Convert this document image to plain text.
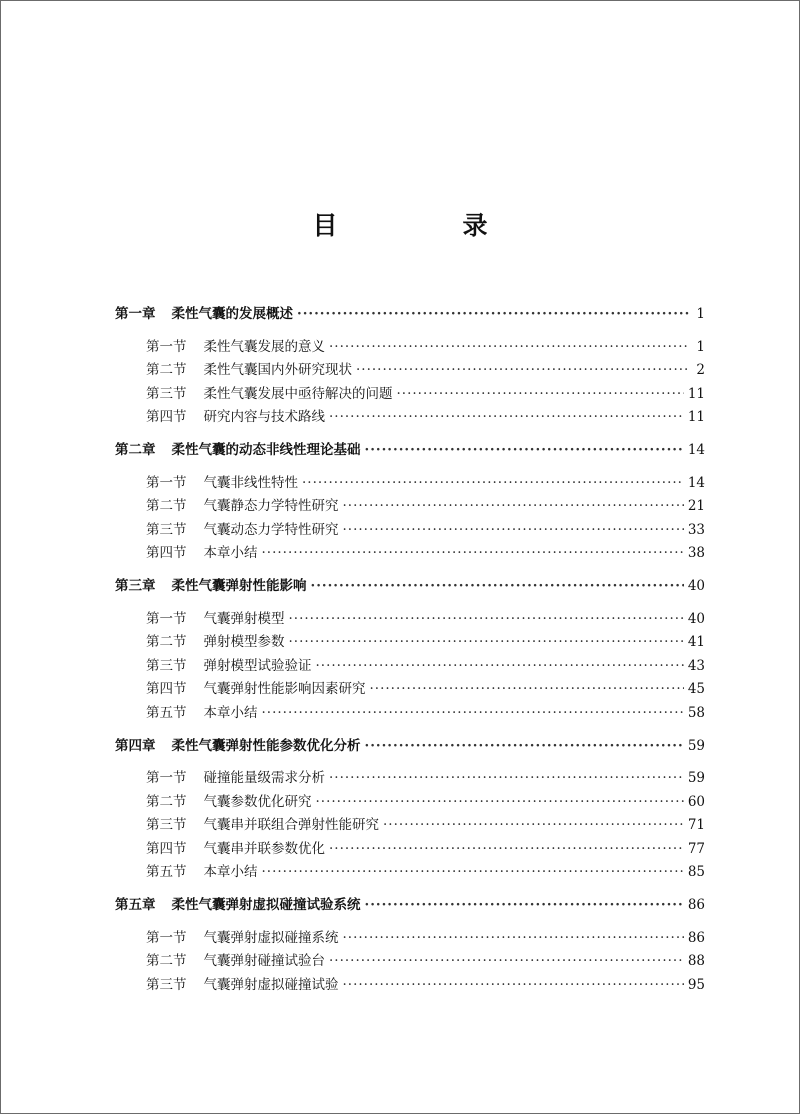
目　录
第一章 柔性气囊的发展概述 ·····	1
第一节 柔性气囊发展的意义 ·····	1
第二节 柔性气囊国内外研究现状 ·····	2
第三节 柔性气囊发展中亟待解决的问题 ·····	11
第四节 研究内容与技术路线 ·····	11
第二章 柔性气囊的动态非线性理论基础 ·····	14
第一节 气囊非线性特性 ·····	14
第二节 气囊静态力学特性研究 ·····	21
第三节 气囊动态力学特性研究 ·····	33
第四节 本章小结 ·····	38
第三章 柔性气囊弹射性能影响 ·····	40
第一节 气囊弹射模型 ·····	40
第二节 弹射模型参数 ·····	41
第三节 弹射模型试验验证 ·····	43
第四节 气囊弹射性能影响因素研究 ·····	45
第五节 本章小结 ·····	58
第四章 柔性气囊弹射性能参数优化分析 ·····	59
第一节 碰撞能量级需求分析 ·····	59
第二节 气囊参数优化研究 ·····	60
第三节 气囊串并联组合弹射性能研究 ·····	71
第四节 气囊串并联参数优化 ·····	77
第五节 本章小结 ·····	85
第五章 柔性气囊弹射虚拟碰撞试验系统 ·····	86
第一节 气囊弹射虚拟碰撞系统 ·····	86
第二节 气囊弹射碰撞试验台 ·····	88
第三节 气囊弹射虚拟碰撞试验 ·····	95
